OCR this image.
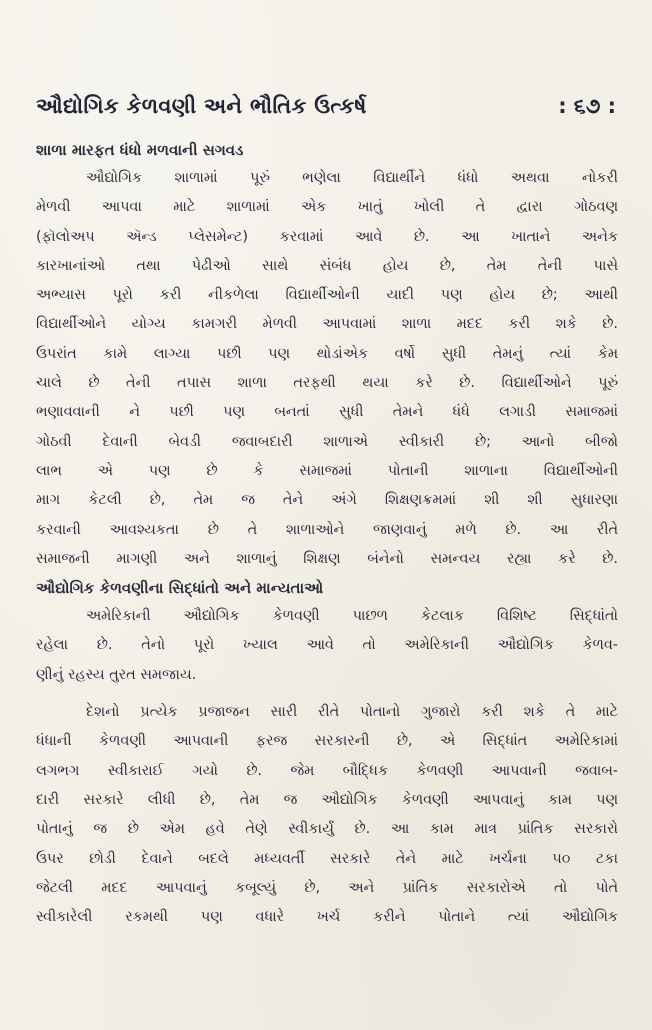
ઔદ્યોગિક કેળવણી અને ભૌતિક ઉત્કર્ષ	: ૬૭ :
શાળા મારફત ધંધો મળવાની સગવડ
ઔદ્યોગિક શાળામાં પૂરું ભણેલા વિદ્યાર્થીને ધંધો અથવા નોકરી
મેળવી આપવા માટે શાળામાં એક ખાતું ખોલી તે દ્વારા ગોઠવણ
(ફૉલોઅપ ઍન્ડ પ્લેસમેન્ટ) કરવામાં આવે છે. આ ખાતાને અનેક
કારખાનાંઓ તથા પેઢીઓ સાથે સંબંધ હોય છે, તેમ તેની પાસે
અભ્યાસ પૂરો કરી નીકળેલા વિદ્યાર્થીઓની યાદી પણ હોય છે; આથી
વિદ્યાર્થીઓને યોગ્ય કામગરી મેળવી આપવામાં શાળા મદદ કરી શકે છે.
ઉપરાંત કામે લાગ્યા પછી પણ થોડાંએક વર્ષો સુધી તેમનું ત્યાં કેમ
ચાલે છે તેની તપાસ શાળા તરફથી થયા કરે છે. વિદ્યાર્થીઓને પૂરું
ભણાવવાની ને પછી પણ બનતાં સુધી તેમને ધંધે લગાડી સમાજમાં
ગોઠવી દેવાની બેવડી જવાબદારી શાળાએ સ્વીકારી છે; આનો બીજો
લાભ એ પણ છે કે સમાજમાં પોતાની શાળાના વિદ્યાર્થીઓની
માગ કેટલી છે, તેમ જ તેને અંગે શિક્ષણક્રમમાં શી શી સુધારણા
કરવાની આવશ્યકતા છે તે શાળાઓને જાણવાનું મળે છે. આ રીતે
સમાજની માગણી અને શાળાનું શિક્ષણ બંનેનો સમન્વય રહ્યા કરે છે.
ઔદ્યોગિક કેળવણીના સિદ્ધાંતો અને માન્યતાઓ
અમેરિકાની ઔદ્યોગિક કેળવણી પાછળ કેટલાક વિશિષ્ટ સિદ્ધાંતો
રહેલા છે. તેનો પૂરો ખ્યાલ આવે તો અમેરિકાની ઔદ્યોગિક કેળવ-
ણીનું રહસ્ય તુરત સમજાય.
દેશનો પ્રત્યેક પ્રજાજન સારી રીતે પોતાનો ગુજારો કરી શકે તે માટે
ધંધાની કેળવણી આપવાની ફરજ સરકારની છે, એ સિદ્ધાંત અમેરિકામાં
લગભગ સ્વીકારાઈ ગયો છે. જેમ બૌદ્ધિક કેળવણી આપવાની જવાબ-
દારી સરકારે લીધી છે, તેમ જ ઔદ્યોગિક કેળવણી આપવાનું કામ પણ
પોતાનું જ છે એમ હવે તેણે સ્વીકાર્યું છે. આ કામ માત્ર પ્રાંતિક સરકારો
ઉપર છોડી દેવાને બદલે મધ્યવર્તી સરકારે તેને માટે ખર્ચના ૫૦ ટકા
જેટલી મદદ આપવાનું કબૂલ્યું છે, અને પ્રાંતિક સરકારોએ તો પોતે
સ્વીકારેલી રકમથી પણ વધારે ખર્ચ કરીને પોતાને ત્યાં ઔદ્યોગિક
